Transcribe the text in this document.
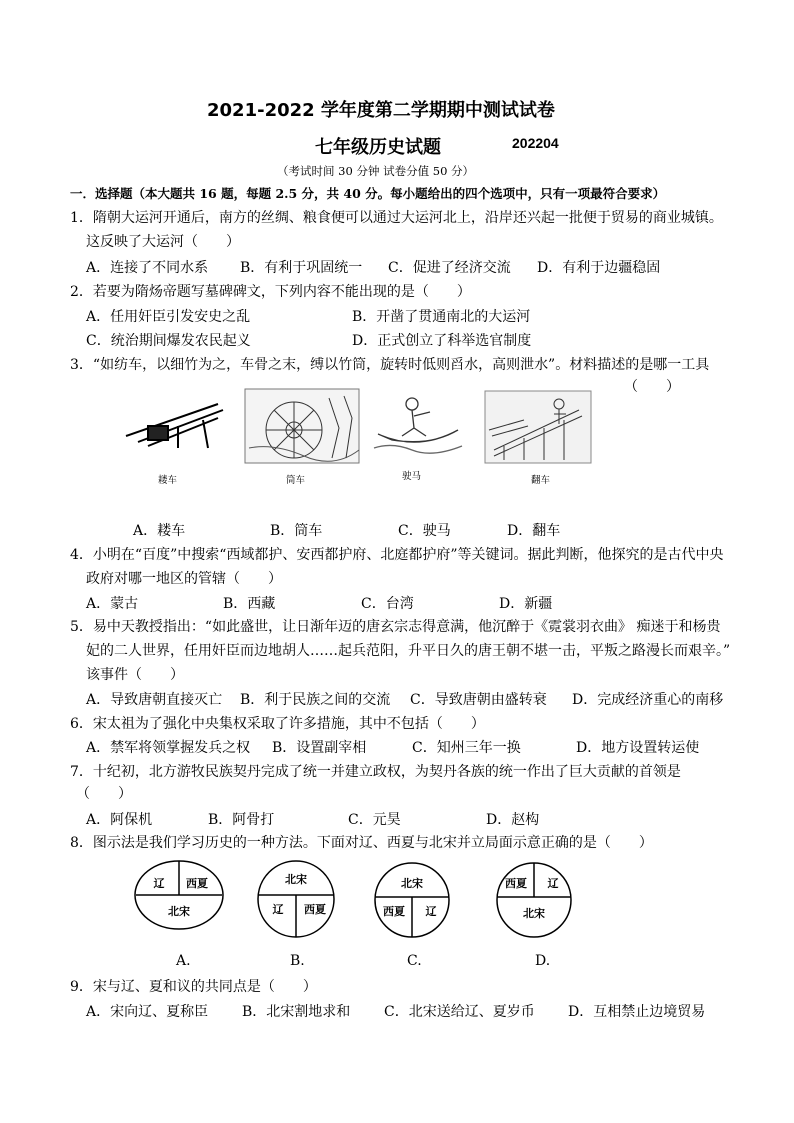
2021-2022 学年度第二学期期中测试试卷
七年级历史试题	202204
（考试时间 30 分钟 试卷分值 50 分）
一．选择题（本大题共 16 题，每题 2.5 分，共 40 分。每小题给出的四个选项中，只有一项最符合要求）
1．隋朝大运河开通后，南方的丝绸、粮食便可以通过大运河北上，沿岸还兴起一批便于贸易的商业城镇。
这反映了大运河（　　）
A．连接了不同水系 B．有利于巩固统一 C．促进了经济交流 D．有利于边疆稳固
2．若要为隋炀帝题写墓碑碑文，下列内容不能出现的是（　　）
A．任用奸臣引发安史之乱	B．开凿了贯通南北的大运河
C．统治期间爆发农民起义	D．正式创立了科举选官制度
3．“如纺车，以细竹为之，车骨之末，缚以竹筒，旋转时低则舀水，高则泄水”。材料描述的是哪一工具
（　　）
耧车	筒车	驶马	翻车
A．耧车	B．筒车	C．驶马	D．翻车
4．小明在“百度”中搜索“西域都护、安西都护府、北庭都护府”等关键词。据此判断，他探究的是古代中央
政府对哪一地区的管辖（　　）
A．蒙古	B．西藏	C．台湾	D．新疆
5．易中天教授指出：“如此盛世，让日渐年迈的唐玄宗志得意满，他沉醉于《霓裳羽衣曲》 痴迷于和杨贵
妃的二人世界，任用奸臣而边地胡人……起兵范阳，升平日久的唐王朝不堪一击，平叛之路漫长而艰辛。”
该事件（　　）
A．导致唐朝直接灭亡 B．利于民族之间的交流 C．导致唐朝由盛转衰 D．完成经济重心的南移
6．宋太祖为了强化中央集权采取了许多措施，其中不包括（　　）
A．禁军将领掌握发兵之权 B．设置副宰相	C．知州三年一换	D．地方设置转运使
7．十纪初，北方游牧民族契丹完成了统一并建立政权，为契丹各族的统一作出了巨大贡献的首领是
（　　）
A．阿保机	B．阿骨打	C．元昊	D．赵构
8．图示法是我们学习历史的一种方法。下面对辽、西夏与北宋并立局面示意正确的是（　　）
辽 西夏
北宋
北宋
辽 西夏
北宋
西夏 辽
西夏 辽
北宋
A.	B.	C.	D.
9．宋与辽、夏和议的共同点是（　　）
A．宋向辽、夏称臣 B．北宋割地求和 C．北宋送给辽、夏岁币 D．互相禁止边境贸易
